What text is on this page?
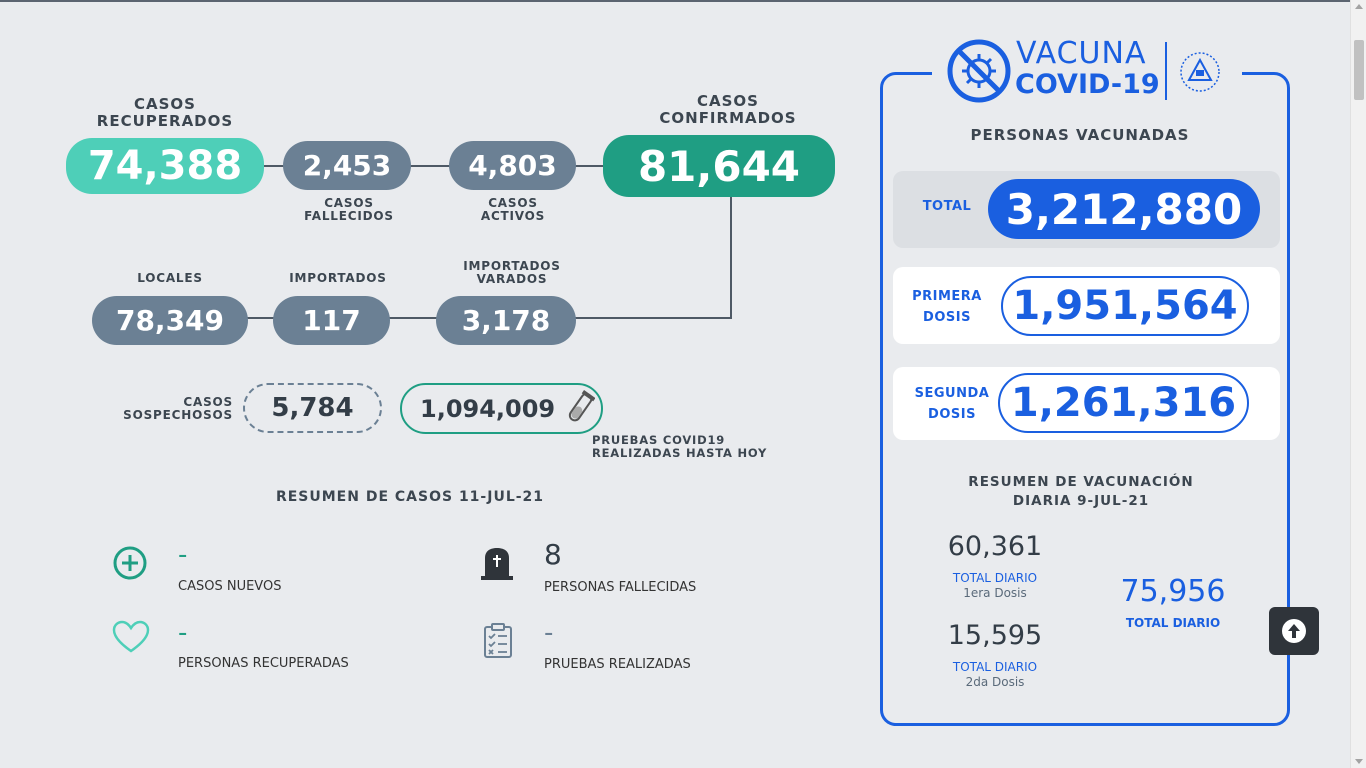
CASOS
RECUPERADOS
CASOS
CONFIRMADOS
74,388	2,453	4,803	81,644
CASOS
FALLECIDOS
CASOS
ACTIVOS
LOCALES	IMPORTADOS
IMPORTADOS
VARADOS
78,349	117	3,178
CASOS
SOSPECHOSOS	5,784	1,094,009
PRUEBAS COVID19
REALIZADAS HASTA HOY
RESUMEN DE CASOS 11-JUL-21
-
CASOS NUEVOS
-
PERSONAS RECUPERADAS
8
PERSONAS FALLECIDAS
-
PRUEBAS REALIZADAS
VACUNA
COVID-19
PERSONAS VACUNADAS
TOTAL 3,212,880
PRIMERA
DOSIS	1,951,564
SEGUNDA
DOSIS 1,261,316
RESUMEN DE VACUNACIÓN
DIARIA 9-JUL-21
60,361
TOTAL DIARIO
1era Dosis
15,595
TOTAL DIARIO
2da Dosis
75,956
TOTAL DIARIO
